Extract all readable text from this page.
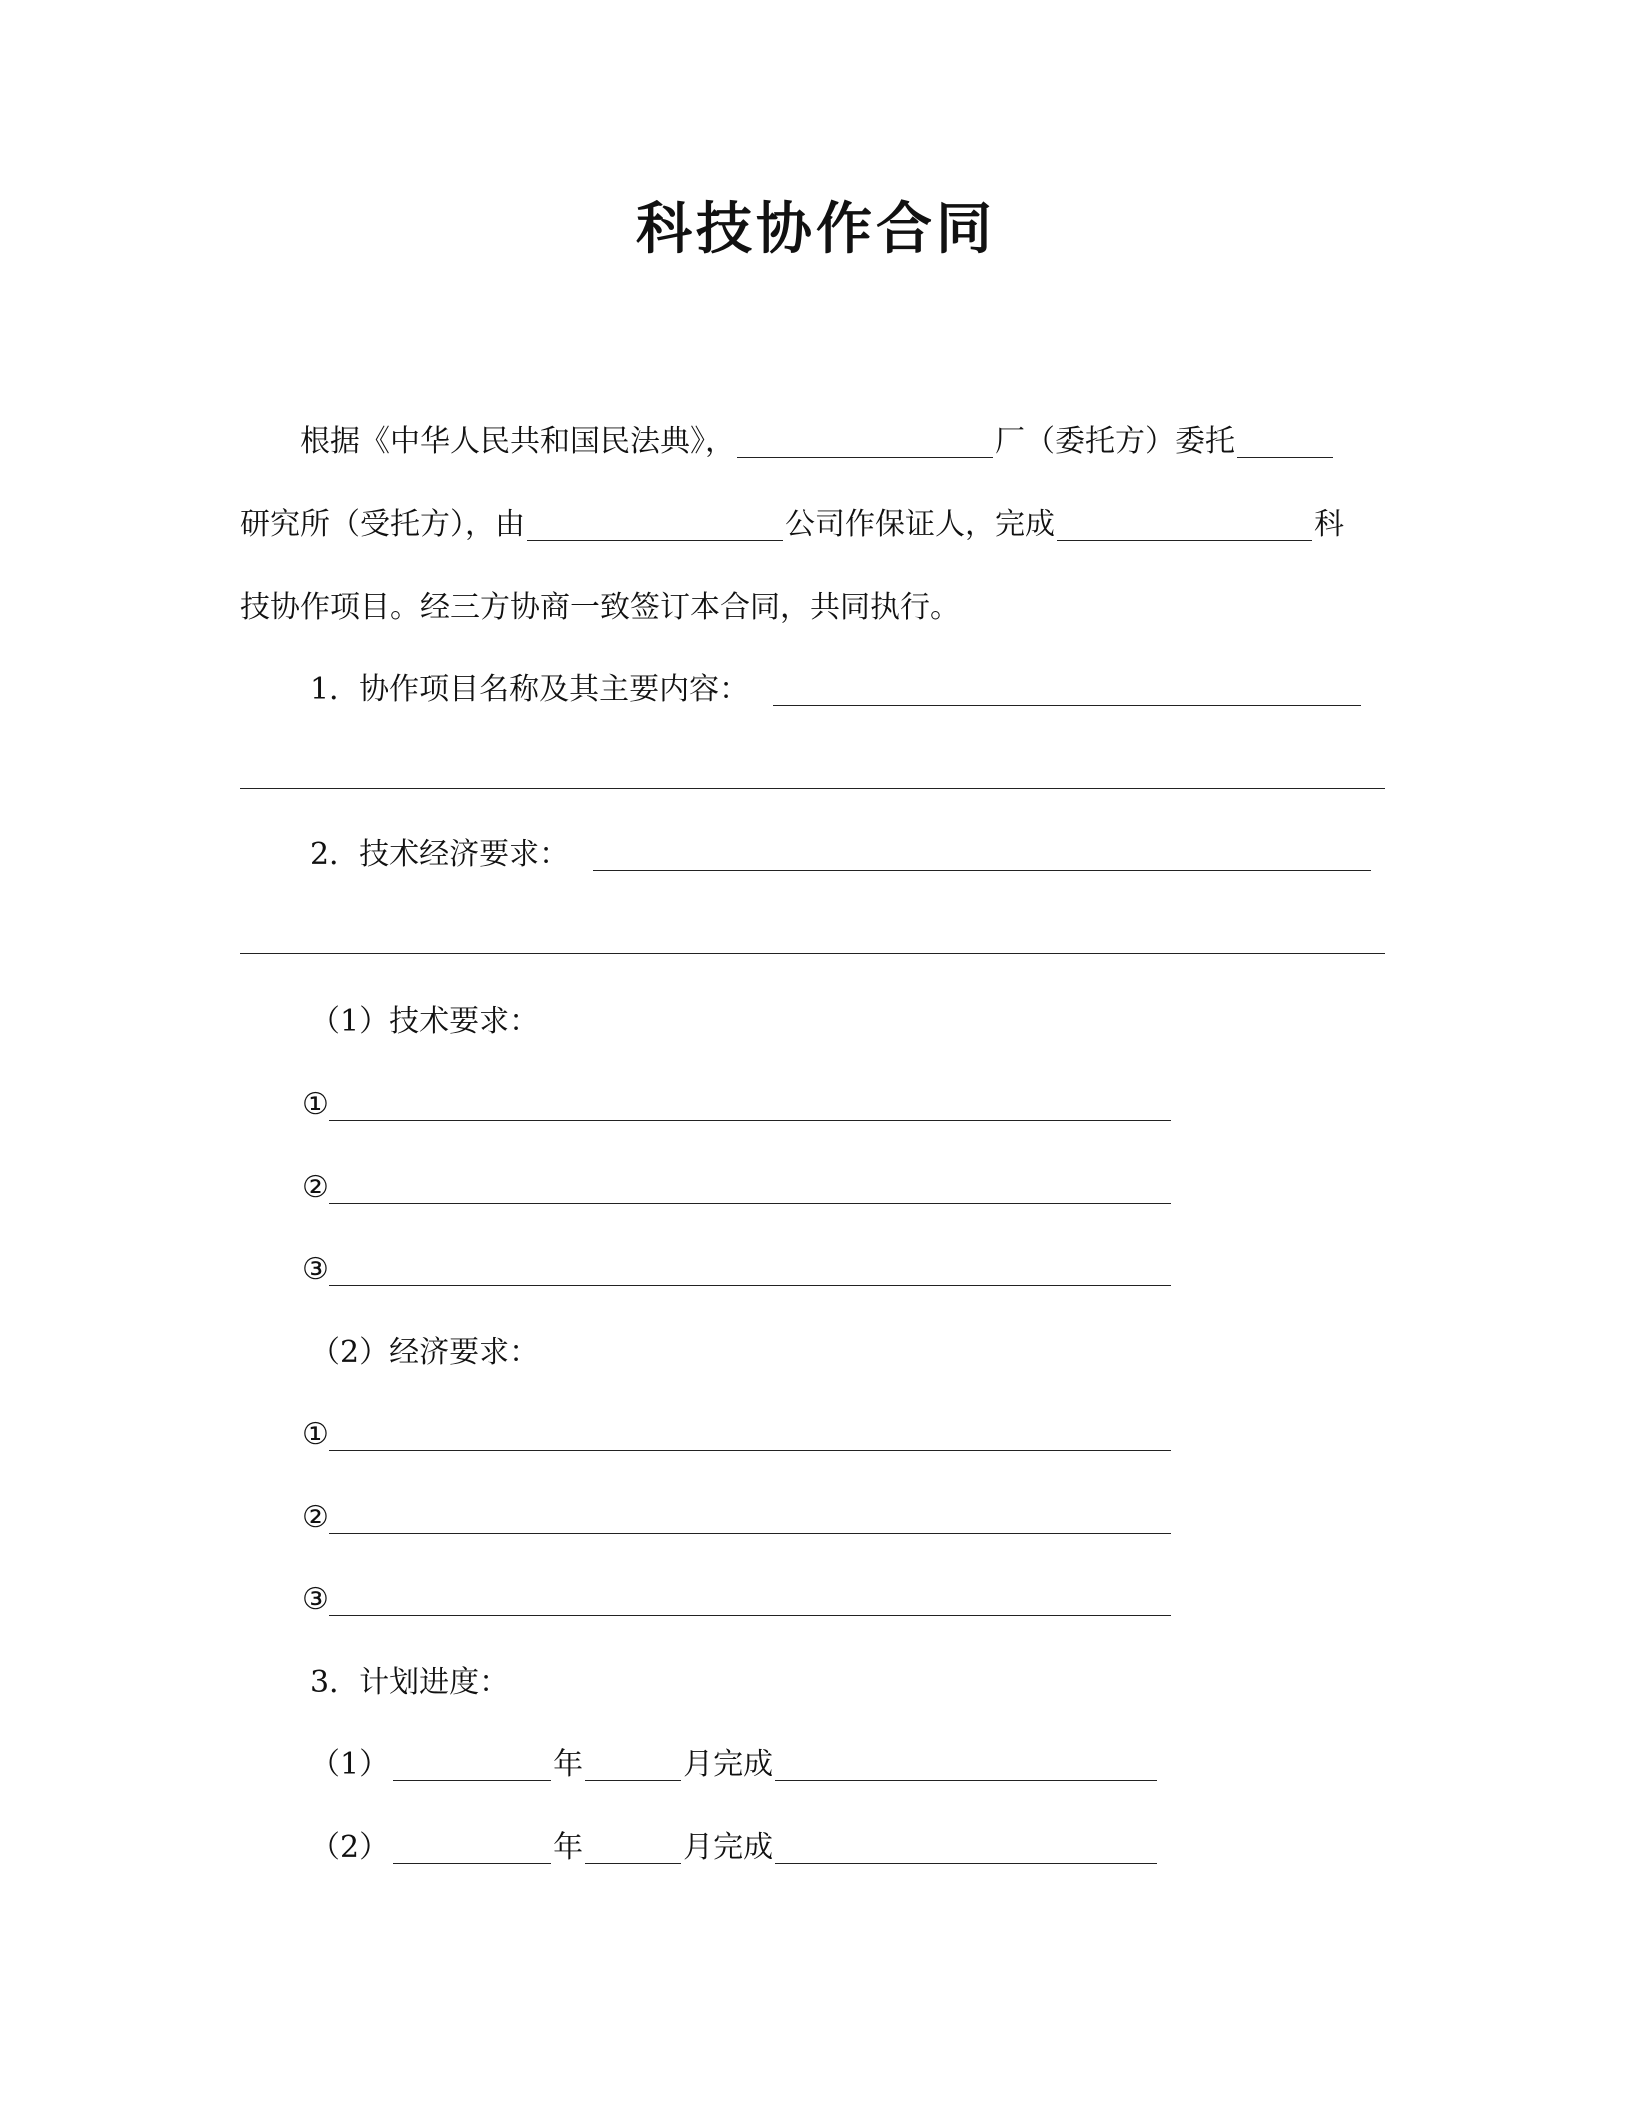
科技协作合同
根据《中华人民共和国民法典》，	厂（委托方）委托
研究所（受托方），由	公司作保证人，完成	科
技协作项目。经三方协商一致签订本合同，共同执行。
1．协作项目名称及其主要内容：
2．技术经济要求：
（1）技术要求：
①
②
③
（2）经济要求：
①
②
③
3．计划进度：
（1）	年	月完成
（2）	年	月完成
